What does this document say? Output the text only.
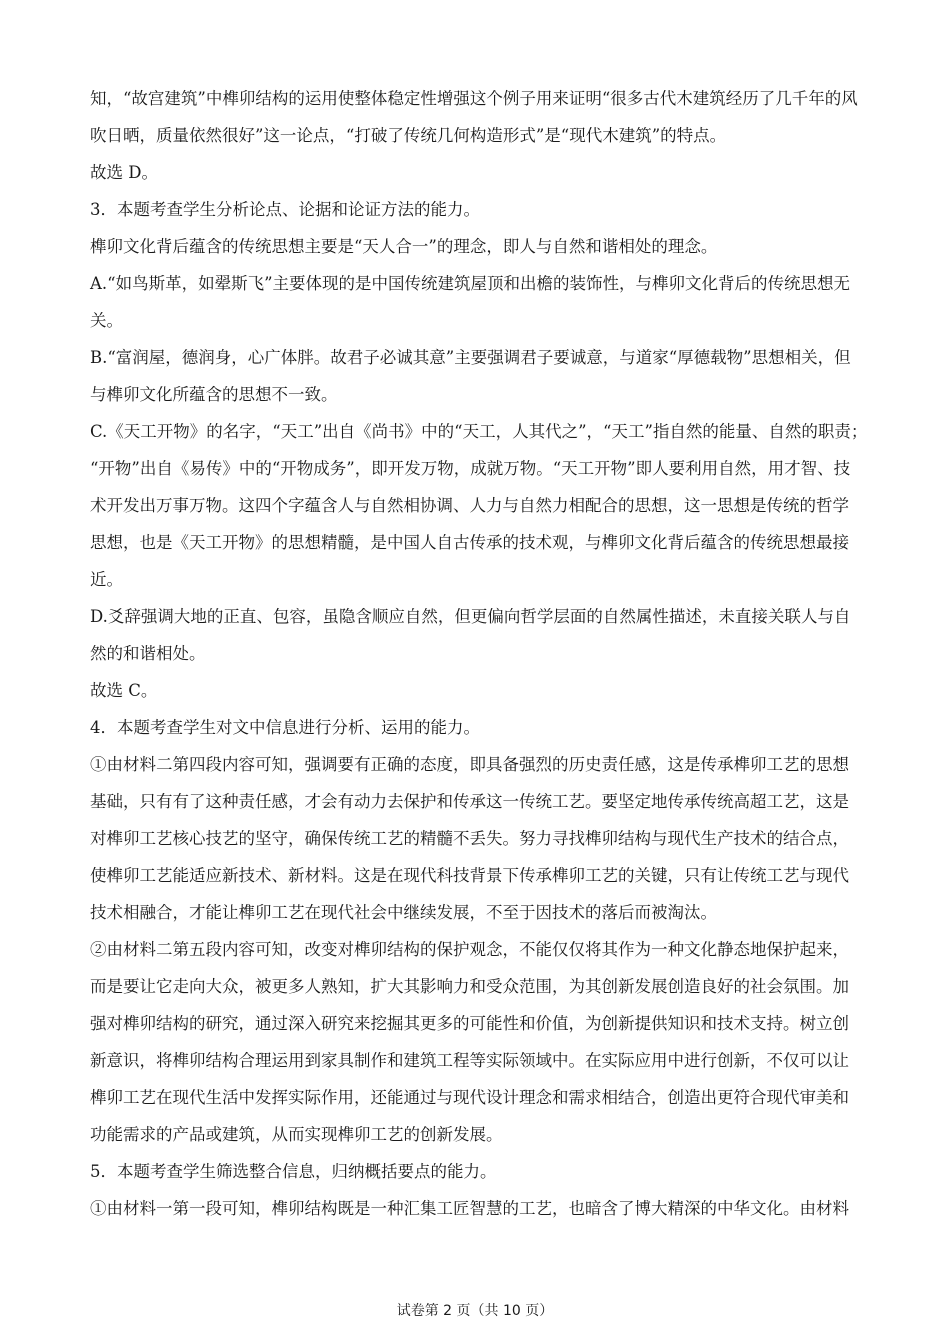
知，“故宫建筑”中榫卯结构的运用使整体稳定性增强这个例子用来证明“很多古代木建筑经历了几千年的风
吹日晒，质量依然很好”这一论点，“打破了传统几何构造形式”是“现代木建筑”的特点。
故选 D。
3．本题考查学生分析论点、论据和论证方法的能力。
榫卯文化背后蕴含的传统思想主要是“天人合一”的理念，即人与自然和谐相处的理念。
A.“如鸟斯革，如翚斯飞”主要体现的是中国传统建筑屋顶和出檐的装饰性，与榫卯文化背后的传统思想无
关。
B.“富润屋，德润身，心广体胖。故君子必诚其意”主要强调君子要诚意，与道家“厚德载物”思想相关，但
与榫卯文化所蕴含的思想不一致。
C.《天工开物》的名字，“天工”出自《尚书》中的“天工，人其代之”，“天工”指自然的能量、自然的职责；
“开物”出自《易传》中的“开物成务”，即开发万物，成就万物。“天工开物”即人要利用自然，用才智、技
术开发出万事万物。这四个字蕴含人与自然相协调、人力与自然力相配合的思想，这一思想是传统的哲学
思想，也是《天工开物》的思想精髓，是中国人自古传承的技术观，与榫卯文化背后蕴含的传统思想最接
近。
D.爻辞强调大地的正直、包容，虽隐含顺应自然，但更偏向哲学层面的自然属性描述，未直接关联人与自
然的和谐相处。
故选 C。
4．本题考查学生对文中信息进行分析、运用的能力。
①由材料二第四段内容可知，强调要有正确的态度，即具备强烈的历史责任感，这是传承榫卯工艺的思想
基础，只有有了这种责任感，才会有动力去保护和传承这一传统工艺。要坚定地传承传统高超工艺，这是
对榫卯工艺核心技艺的坚守，确保传统工艺的精髓不丢失。努力寻找榫卯结构与现代生产技术的结合点，
使榫卯工艺能适应新技术、新材料。这是在现代科技背景下传承榫卯工艺的关键，只有让传统工艺与现代
技术相融合，才能让榫卯工艺在现代社会中继续发展，不至于因技术的落后而被淘汰。
②由材料二第五段内容可知，改变对榫卯结构的保护观念，不能仅仅将其作为一种文化静态地保护起来，
而是要让它走向大众，被更多人熟知，扩大其影响力和受众范围，为其创新发展创造良好的社会氛围。加
强对榫卯结构的研究，通过深入研究来挖掘其更多的可能性和价值，为创新提供知识和技术支持。树立创
新意识，将榫卯结构合理运用到家具制作和建筑工程等实际领域中。在实际应用中进行创新，不仅可以让
榫卯工艺在现代生活中发挥实际作用，还能通过与现代设计理念和需求相结合，创造出更符合现代审美和
功能需求的产品或建筑，从而实现榫卯工艺的创新发展。
5．本题考查学生筛选整合信息，归纳概括要点的能力。
①由材料一第一段可知，榫卯结构既是一种汇集工匠智慧的工艺，也暗含了博大精深的中华文化。由材料
试卷第 2 页（共 10 页）
